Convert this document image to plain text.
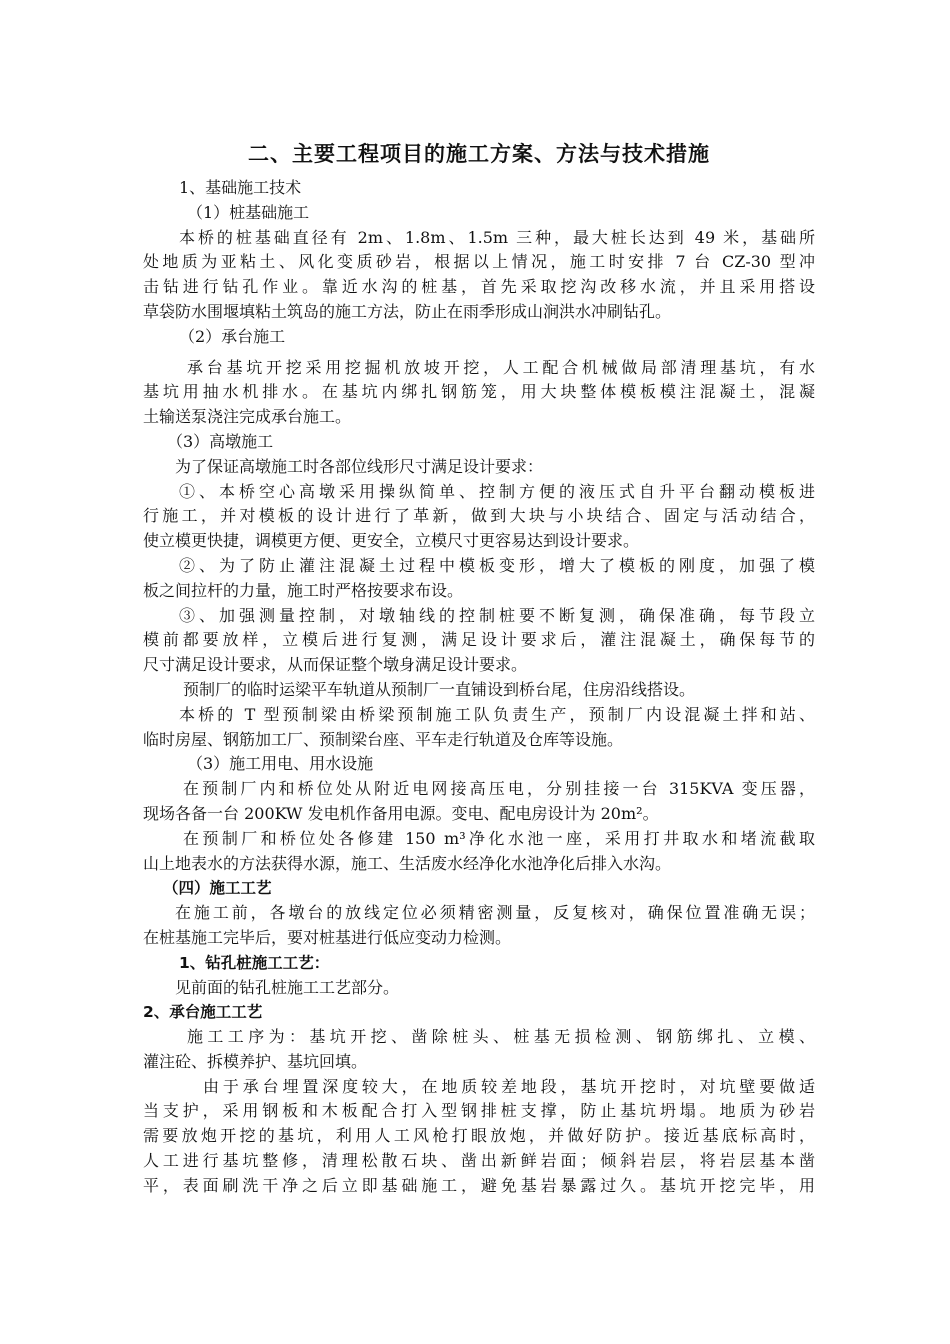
二、主要工程项目的施工方案、方法与技术措施
1、基础施工技术
（1）桩基础施工
本桥的桩基础直径有 2m、1.8m、1.5m 三种，最大桩长达到 49 米，基础所
处地质为亚粘土、风化变质砂岩，根据以上情况，施工时安排 7 台 CZ-30 型冲
击钻进行钻孔作业。靠近水沟的桩基，首先采取挖沟改移水流，并且采用搭设
草袋防水围堰填粘土筑岛的施工方法，防止在雨季形成山涧洪水冲刷钻孔。
（2）承台施工
承台基坑开挖采用挖掘机放坡开挖，人工配合机械做局部清理基坑，有水
基坑用抽水机排水。在基坑内绑扎钢筋笼，用大块整体模板模注混凝土，混凝
土输送泵浇注完成承台施工。
（3）高墩施工
为了保证高墩施工时各部位线形尺寸满足设计要求：
①、本桥空心高墩采用操纵简单、控制方便的液压式自升平台翻动模板进
行施工，并对模板的设计进行了革新，做到大块与小块结合、固定与活动结合，
使立模更快捷，调模更方便、更安全，立模尺寸更容易达到设计要求。
②、为了防止灌注混凝土过程中模板变形，增大了模板的刚度，加强了模
板之间拉杆的力量，施工时严格按要求布设。
③、加强测量控制，对墩轴线的控制桩要不断复测，确保准确，每节段立
模前都要放样，立模后进行复测，满足设计要求后，灌注混凝土，确保每节的
尺寸满足设计要求，从而保证整个墩身满足设计要求。
预制厂的临时运梁平车轨道从预制厂一直铺设到桥台尾，住房沿线搭设。
本桥的 T 型预制梁由桥梁预制施工队负责生产，预制厂内设混凝土拌和站、
临时房屋、钢筋加工厂、预制梁台座、平车走行轨道及仓库等设施。
（3）施工用电、用水设施
在预制厂内和桥位处从附近电网接高压电，分别挂接一台 315KVA 变压器，
现场各备一台 200KW 发电机作备用电源。变电、配电房设计为 20m²。
在预制厂和桥位处各修建 150 m³净化水池一座，采用打井取水和堵流截取
山上地表水的方法获得水源，施工、生活废水经净化水池净化后排入水沟。
（四）施工工艺
在施工前，各墩台的放线定位必须精密测量，反复核对，确保位置准确无误；
在桩基施工完毕后，要对桩基进行低应变动力检测。
1、钻孔桩施工工艺：
见前面的钻孔桩施工工艺部分。
2、承台施工工艺
施工工序为：基坑开挖、凿除桩头、桩基无损检测、钢筋绑扎、立模、
灌注砼、拆模养护、基坑回填。
由于承台埋置深度较大，在地质较差地段，基坑开挖时，对坑壁要做适
当支护，采用钢板和木板配合打入型钢排桩支撑，防止基坑坍塌。地质为砂岩
需要放炮开挖的基坑，利用人工风枪打眼放炮，并做好防护。接近基底标高时，
人工进行基坑整修，清理松散石块、凿出新鲜岩面；倾斜岩层，将岩层基本凿
平，表面刷洗干净之后立即基础施工，避免基岩暴露过久。基坑开挖完毕，用
